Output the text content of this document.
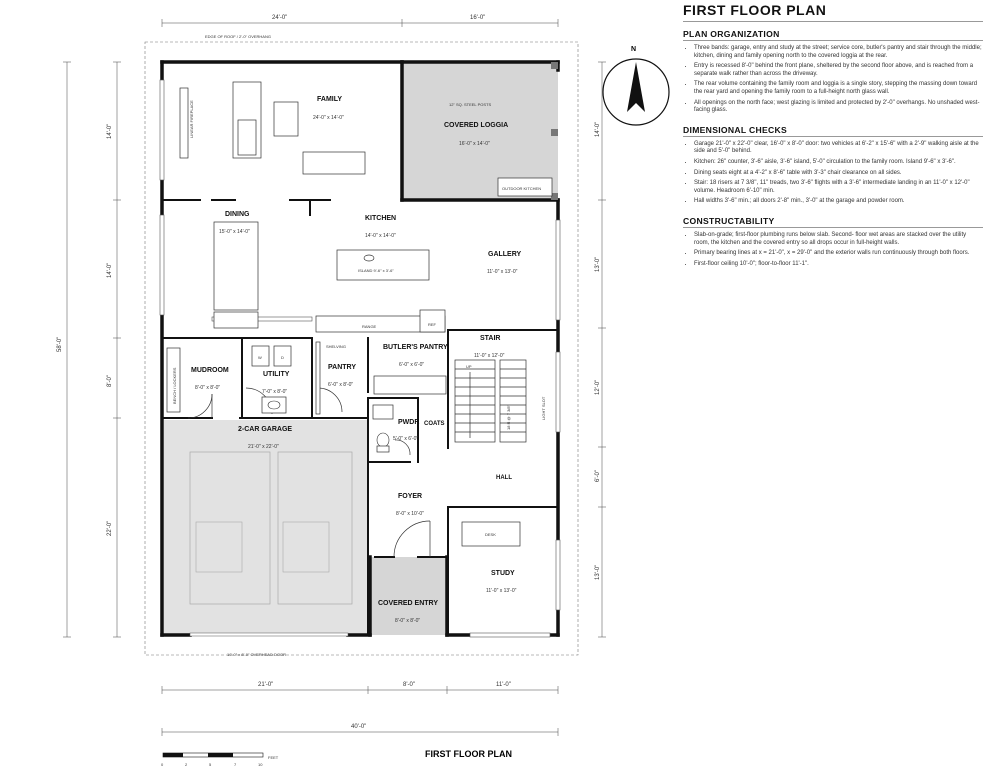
EDGE OF ROOF / 2'-0" OVERHANG
24'-0"	16'-0"
58'-0"
14'-0"
14'-0"
8'-0"
22'-0"
14'-0"
13'-0"
12'-0"
6'-0"
13'-0"
21'-0"	8'-0"	11'-0"
40'-0"
LINEAR FIREPLACE
ISLAND 9'-6" x 3'-6"
RANGE	REF
SHELVING
BENCH / LOCKERS
W	D
UP
18 R @ 7 3/8"	LIGHT SLOT
DESK
OUTDOOR KITCHEN
12" SQ. STEEL POSTS
16'-0" x 8'-0" OVERHEAD DOOR
FAMILY
24'-0" x 14'-0"
COVERED LOGGIA
16'-0" x 14'-0"
DINING
15'-0" x 14'-0"
KITCHEN
14'-0" x 14'-0"
GALLERY
11'-0" x 13'-0"
MUDROOM
8'-0" x 8'-0"
UTILITY
7'-0" x 8'-0"
PANTRY
6'-0" x 8'-0"
BUTLER'S PANTRY
6'-0" x 6'-0"
STAIR
11'-0" x 12'-0"
2-CAR GARAGE
21'-0" x 22'-0"
PWDR
5'-0" x 6'-0"
COATS
HALL
FOYER
8'-0" x 10'-0"
STUDY
11'-0" x 13'-0"
COVERED ENTRY
8'-0" x 8'-0"
0	2	5	7	10
FEET	FIRST FLOOR PLAN
N
FIRST FLOOR PLAN
PLAN ORGANIZATION
• Three bands: garage, entry and study at the street; service core, butler's pantry and stair through the middle; kitchen, dining and family opening north to the covered loggia at the rear.
• Entry is recessed 8'-0" behind the front plane, sheltered by the second floor above, and is reached from a separate walk rather than across the driveway.
• The rear volume containing the family room and loggia is a single story, stepping the massing down toward the rear yard and opening the family room to a full-height north glass wall.
• All openings on the north face; west glazing is limited and protected by 2'-0" overhangs. No unshaded west-facing glass.
DIMENSIONAL CHECKS
• Garage 21'-0" x 22'-0" clear, 16'-0" x 8'-0" door: two vehicles at 6'-2" x 15'-6" with a 2'-9" walking aisle at the side and 5'-0" behind.
• Kitchen: 26" counter, 3'-6" aisle, 3'-6" island, 5'-0" circulation to the family room. Island 9'-6" x 3'-6".
• Dining seats eight at a 4'-2" x 8'-6" table with 3'-3" chair clearance on all sides.
• Stair: 18 risers at 7 3/8", 11" treads, two 3'-6" flights with a 3'-6" intermediate landing in an 11'-0" x 12'-0" volume. Headroom 6'-10" min.
• Hall widths 3'-6" min.; all doors 2'-8" min., 3'-0" at the garage and powder room.
CONSTRUCTABILITY
• Slab-on-grade; first-floor plumbing runs below slab. Second- floor wet areas are stacked over the utility room, the kitchen and the covered entry so all drops occur in full-height walls.
• Primary bearing lines at x = 21'-0", x = 29'-0" and the exterior walls run continuously through both floors.
• First-floor ceiling 10'-0"; floor-to-floor 11'-1".
